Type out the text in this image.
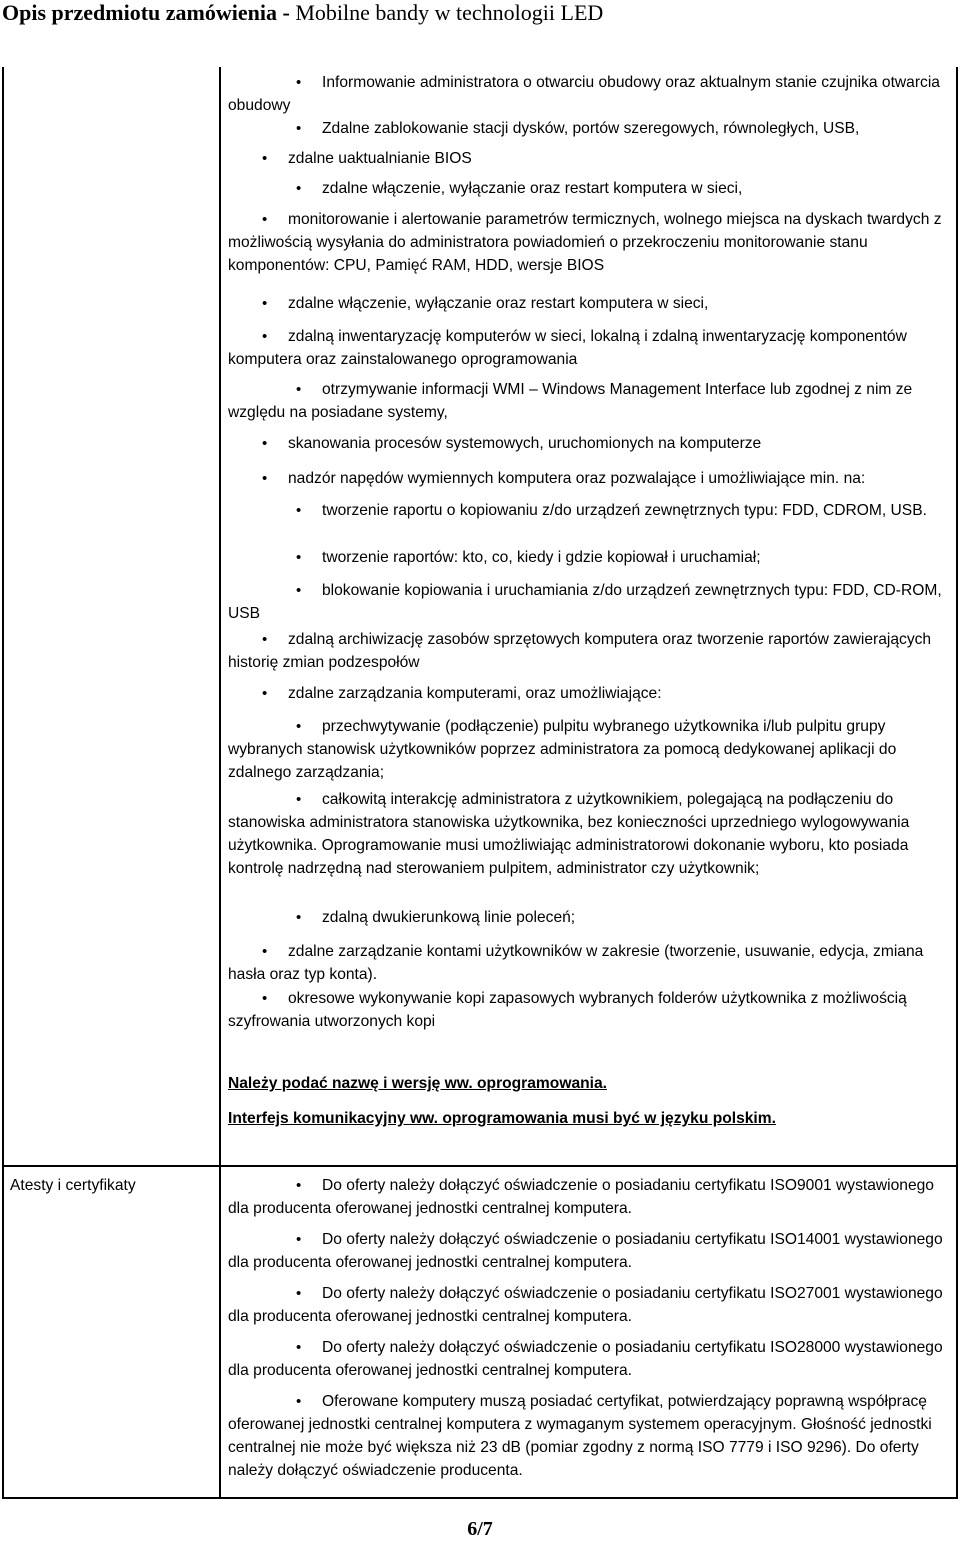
Opis przedmiotu zamówienia - Mobilne bandy w technologii LED

• Informowanie administratora o otwarciu obudowy oraz aktualnym stanie czujnika otwarcia obudowy

• Zdalne zablokowanie stacji dysków, portów szeregowych, równoległych, USB,

• zdalne uaktualnianie BIOS

• zdalne włączenie, wyłączanie oraz restart komputera w sieci,

• monitorowanie i alertowanie parametrów termicznych, wolnego miejsca na dyskach twardych z możliwością wysyłania do administratora powiadomień o przekroczeniu monitorowanie stanu komponentów: CPU, Pamięć RAM, HDD, wersje BIOS

• zdalne włączenie, wyłączanie oraz restart komputera w sieci,

• zdalną inwentaryzację komputerów w sieci, lokalną i zdalną inwentaryzację komponentów komputera oraz zainstalowanego oprogramowania

• otrzymywanie informacji WMI – Windows Management Interface lub zgodnej z nim ze względu na posiadane systemy,

• skanowania procesów systemowych, uruchomionych na komputerze

• nadzór napędów wymiennych komputera oraz pozwalające i umożliwiające min. na:

• tworzenie raportu o kopiowaniu z/do urządzeń zewnętrznych typu: FDD, CDROM, USB.

• tworzenie raportów: kto, co, kiedy i gdzie kopiował i uruchamiał;

• blokowanie kopiowania i uruchamiania z/do urządzeń zewnętrznych typu: FDD, CD-ROM, USB

• zdalną archiwizację zasobów sprzętowych komputera oraz tworzenie raportów zawierających historię zmian podzespołów

• zdalne zarządzania komputerami, oraz umożliwiające:

• przechwytywanie (podłączenie) pulpitu wybranego użytkownika i/lub pulpitu grupy wybranych stanowisk użytkowników poprzez administratora za pomocą dedykowanej aplikacji do zdalnego zarządzania;

• całkowitą interakcję administratora z użytkownikiem, polegającą na podłączeniu do stanowiska administratora stanowiska użytkownika, bez konieczności uprzedniego wylogowywania użytkownika. Oprogramowanie musi umożliwiając administratorowi dokonanie wyboru, kto posiada kontrolę nadrzędną nad sterowaniem pulpitem, administrator czy użytkownik;

• zdalną dwukierunkową linie poleceń;

• zdalne zarządzanie kontami użytkowników w zakresie (tworzenie, usuwanie, edycja, zmiana hasła oraz typ konta).

• okresowe wykonywanie kopi zapasowych wybranych folderów użytkownika z możliwością szyfrowania utworzonych kopi

Należy podać nazwę i wersję ww. oprogramowania.
Interfejs komunikacyjny ww. oprogramowania musi być w języku polskim.
Atesty i certyfikaty	• Do oferty należy dołączyć oświadczenie o posiadaniu certyfikatu ISO9001 wystawionego dla producenta oferowanej jednostki centralnej komputera.

• Do oferty należy dołączyć oświadczenie o posiadaniu certyfikatu ISO14001 wystawionego dla producenta oferowanej jednostki centralnej komputera.

• Do oferty należy dołączyć oświadczenie o posiadaniu certyfikatu ISO27001 wystawionego dla producenta oferowanej jednostki centralnej komputera.

• Do oferty należy dołączyć oświadczenie o posiadaniu certyfikatu ISO28000 wystawionego dla producenta oferowanej jednostki centralnej komputera.

• Oferowane komputery muszą posiadać certyfikat, potwierdzający poprawną współpracę oferowanej jednostki centralnej komputera z wymaganym systemem operacyjnym. Głośność jednostki centralnej nie może być większa niż 23 dB (pomiar zgodny z normą ISO 7779 i ISO 9296). Do oferty należy dołączyć oświadczenie producenta.

6/7
